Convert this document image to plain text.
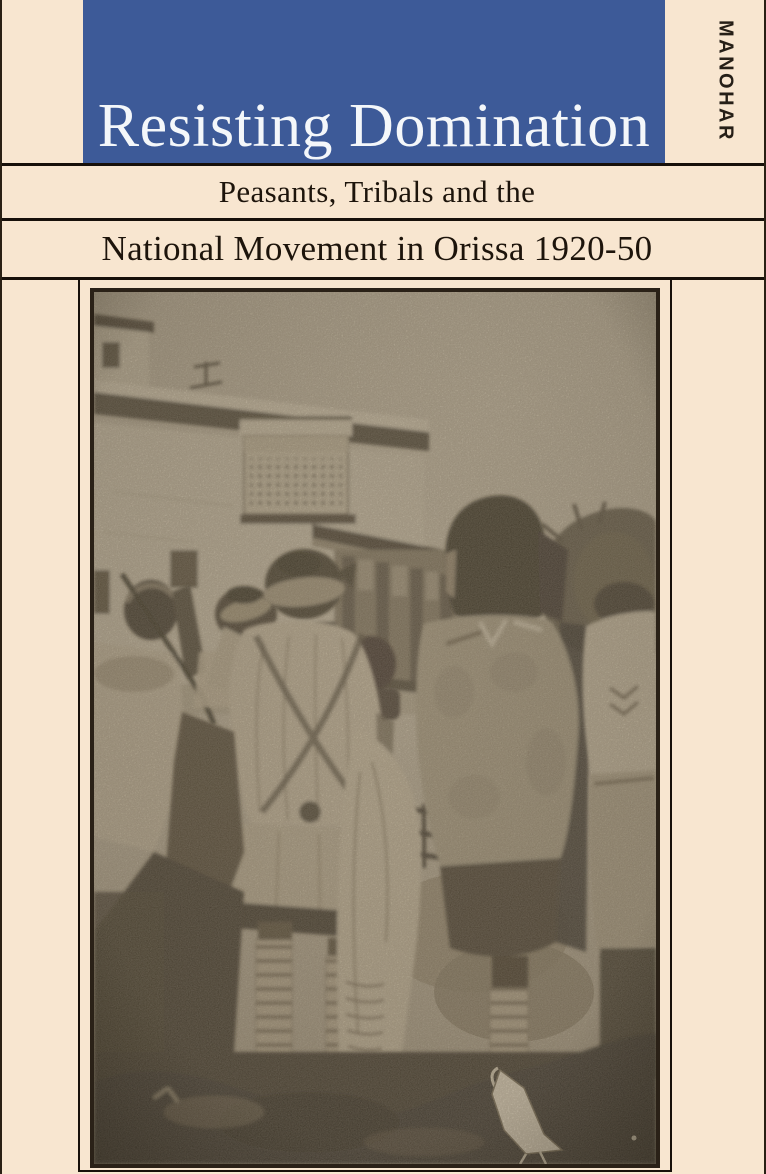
Resisting Domination	MANOHAR
Peasants, Tribals and the
National Movement in Orissa 1920-50
